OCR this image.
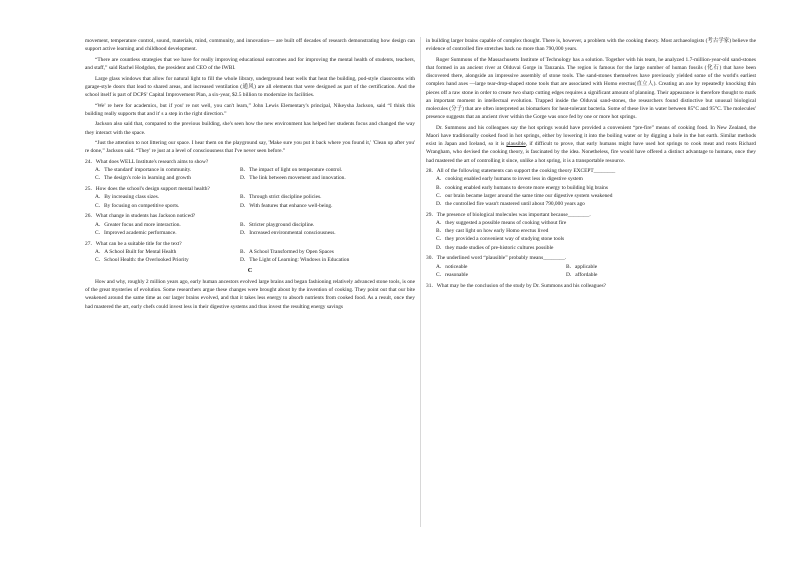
movement, temperature control, sound, materials, mind, community, and innovation— are built off decades of research demonstrating how design can support active learning and childhood development.

“There are countless strategies that we have for really improving educational outcomes and for improving the mental health of students, teachers, and staff,” said Rachel Hodgdon, the president and CEO of the IWBI.

Large glass windows that allow for natural light to fill the whole library, underground heat wells that heat the building, pod-style classrooms with garage-style doors that lead to shared areas, and increased ventilation (通风) are all elements that were designed as part of the certification. And the school itself is part of DCPS' Capital Improvement Plan, a six-year, $2.5 billion to modernize its facilities.

“We' re here for academics, but if you' re not well, you can't learn,” John Lewis Elementary's principal, Nikeysha Jackson, said “I think this building really supports that and it' s a step in the right direction.”

Jackson also said that, compared to the previous building, she's seen how the new environment has helped her students focus and changed the way they interact with the space.

“Just the attention to not littering our space. I hear them on the playground say, 'Make sure you put it back where you found it,' 'Clean up after you' re done,” Jackson said. “They' re just at a level of consciousness that I've never seen before.”

24．What does WELL Institute's research aims to show?
A．The standard' importance in community.	B．The impact of light on temperature control.
C．The design's role in learning and growth	D．The link between movement and innovation.
25．How does the school's design support mental health?
A．By increasing class sizes.	B．Through strict discipline policies.
C．By focusing on competitive sports.	D．With features that enhance well-being.
26．What change in students has Jackson noticed?
A．Greater focus and more interaction.	B．Stricter playground discipline.
C．Improved academic performance.	D．Increased environmental consciousness.
27．What can be a suitable title for the text?
A．A School Built for Mental Health	B．A School Transformed by Open Spaces
C．School Health: the Overlooked Priority	D．The Light of Learning: Windows in Education
C

How and why, roughly 2 million years ago, early human ancestors evolved large brains and began fashioning relatively advanced stone tools, is one of the great mysteries of evolution. Some researchers argue these changes were brought about by the invention of cooking. They point out that our bite weakened around the same time as our larger brains evolved, and that it takes less energy to absorb nutrients from cooked food. As a result, once they had mastered the art, early chefs could invest less in their digestive systems and thus invest the resulting energy savings

in building larger brains capable of complex thought. There is, however, a problem with the cooking theory. Most archaeologists (考古学家) believe the evidence of controlled fire stretches back no more than 790,000 years.

Roger Summons of the Massachusetts Institute of Technology has a solution. Together with his team, he analyzed 1.7-million-year-old sand-stones that formed in an ancient river at Olduvai Gorge in Tanzania. The region is famous for the large number of human fossils (化石) that have been discovered there, alongside an impressive assembly of stone tools. The sand-stones themselves have previously yielded some of the world's earliest complex hand axes —large tear-drop-shaped stone tools that are associated with Homo erectus(直立人). Creating an axe by repeatedly knocking thin pieces off a raw stone in order to create two sharp cutting edges requires a significant amount of planning. Their appearance is therefore thought to mark an important moment in intellectual evolution. Trapped inside the Olduvai sand-stones, the researchers found distinctive but unusual biological molecules (分子) that are often interpreted as biomarkers for heat-tolerant bacteria. Some of these live in water between 85°C and 95°C. The molecules' presence suggests that an ancient river within the Gorge was once fed by one or more hot springs.

Dr. Summons and his colleagues say the hot springs would have provided a convenient “pre-fire” means of cooking food. In New Zealand, the Maori have traditionally cooked food in hot springs, either by lowering it into the boiling water or by digging a hole in the hot earth. Similar methods exist in Japan and Iceland, so it is plausible, if difficult to prove, that early humans might have used hot springs to cook meat and roots Richard Wrangham, who devised the cooking theory, is fascinated by the idea. Nonetheless, fire would have offered a distinct advantage to humans, once they had mastered the art of controlling it since, unlike a hot spring, it is a transportable resource.

28．All of the following statements can support the cooking theory EXCEPT________
A．cooking enabled early humans to invest less in digestive system
B．cooking enabled early humans to devote more energy to building big brains
C．our brain became larger around the same time our digestive system weakened
D．the controlled fire wasn't mastered until about 790,000 years ago
29．The presence of biological molecules was important because________.
A．they suggested a possible means of cooking without fire
B．they cast light on how early Homo erectus lived
C．they provided a convenient way of studying stone tools
D．they made studies of pre-historic cultures possible
30．The underlined word “plausible” probably means________.
A．noticeable	B．applicable
C．reasonable	D．affordable
31．What may be the conclusion of the study by Dr. Summons and his colleagues?
